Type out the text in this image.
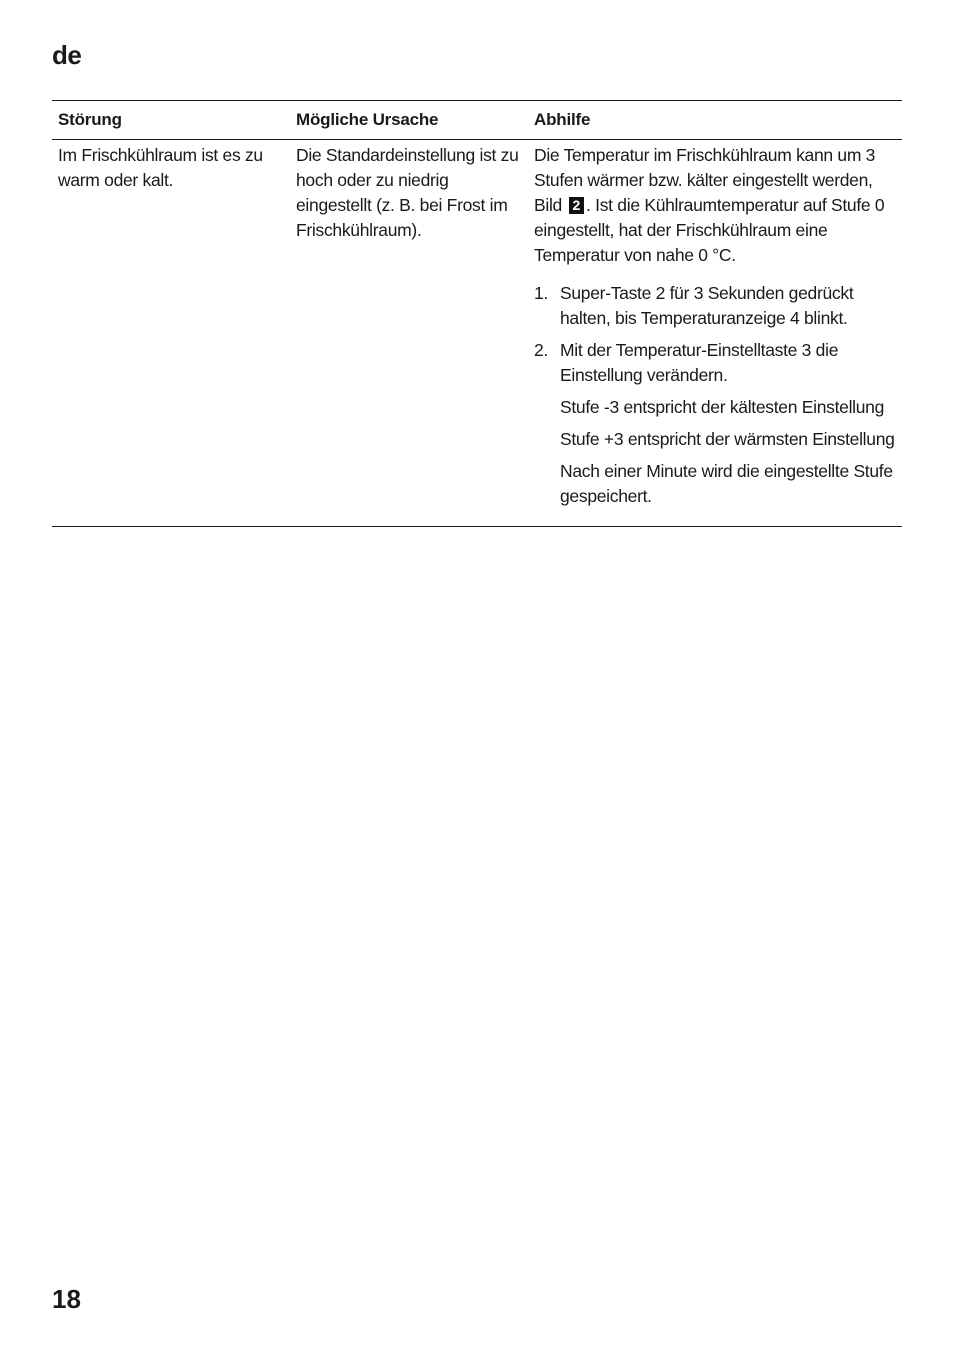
de
Störung	Mögliche Ursache	Abhilfe

Im Frischkühlraum ist es zu warm oder kalt.

Die Standardeinstellung ist zu hoch oder zu niedrig eingestellt (z. B. bei Frost im Frischkühlraum).

Die Temperatur im Frischkühlraum kann um 3 Stufen wärmer bzw. kälter eingestellt werden, Bild 2 . Ist die Kühlraumtemperatur auf Stufe 0 eingestellt, hat der Frischkühlraum eine Temperatur von nahe 0 °C.

1. Super-Taste 2 für 3 Sekunden gedrückt halten, bis Temperaturanzeige 4 blinkt.
2. Mit der Temperatur-Einstelltaste 3 die Einstellung verändern.

Stufe -3 entspricht der kältesten Einstellung

Stufe +3 entspricht der wärmsten Einstellung

Nach einer Minute wird die eingestellte Stufe gespeichert.

18
